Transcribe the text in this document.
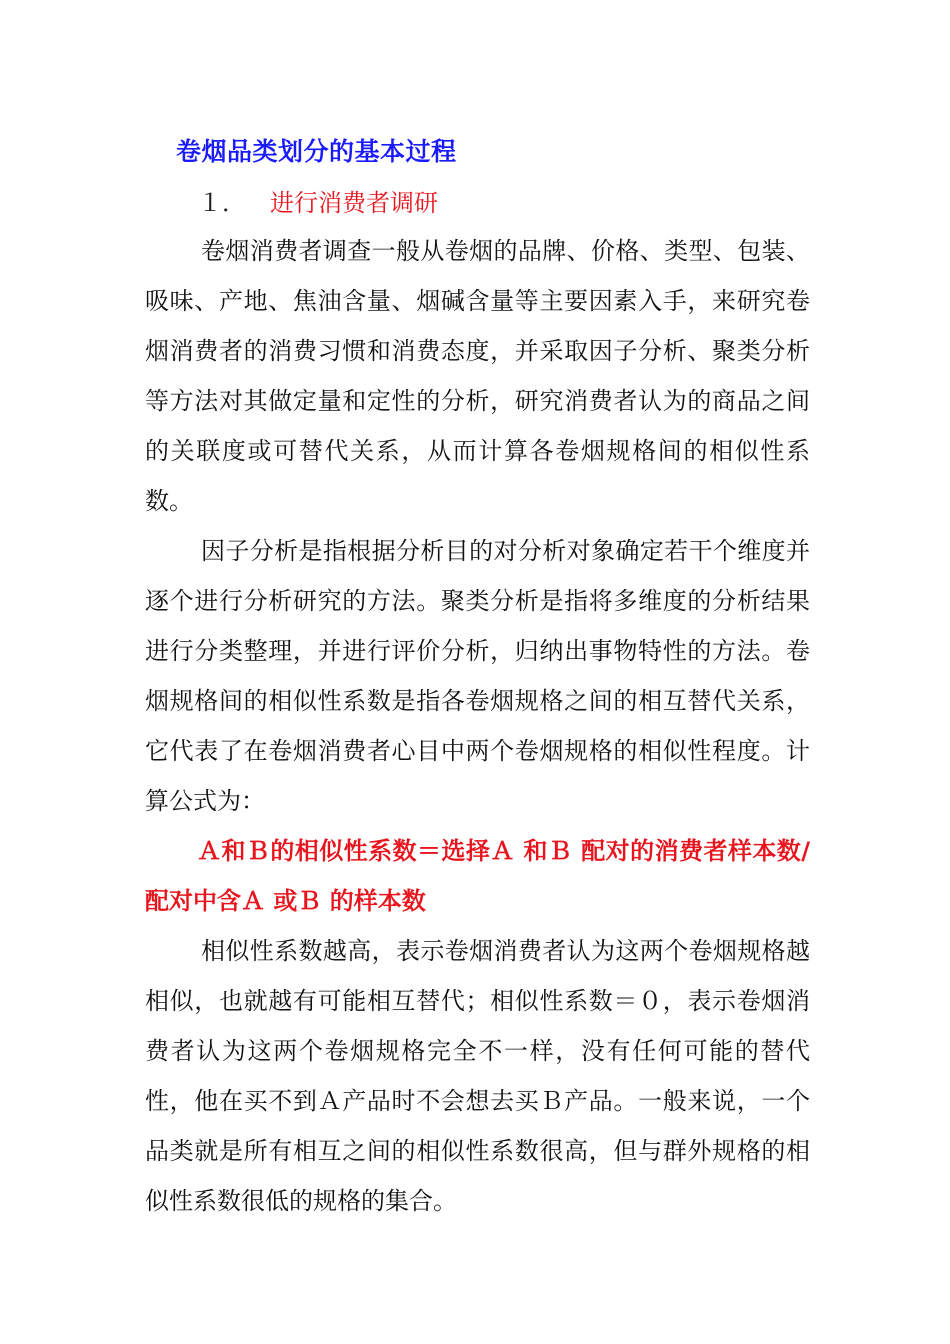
卷烟品类划分的基本过程
１． 进行消费者调研

卷烟消费者调查一般从卷烟的品牌、价格、类型、包装、吸味、产地、焦油含量、烟碱含量等主要因素入手，来研究卷烟消费者的消费习惯和消费态度，并采取因子分析、聚类分析等方法对其做定量和定性的分析，研究消费者认为的商品之间的关联度或可替代关系，从而计算各卷烟规格间的相似性系数。

因子分析是指根据分析目的对分析对象确定若干个维度并逐个进行分析研究的方法。聚类分析是指将多维度的分析结果进行分类整理，并进行评价分析，归纳出事物特性的方法。卷烟规格间的相似性系数是指各卷烟规格之间的相互替代关系，它代表了在卷烟消费者心目中两个卷烟规格的相似性程度。计算公式为：

Ａ和Ｂ的相似性系数＝选择Ａ 和Ｂ 配对的消费者样本数/配对中含Ａ 或Ｂ 的样本数

相似性系数越高，表示卷烟消费者认为这两个卷烟规格越相似，也就越有可能相互替代；相似性系数＝０，表示卷烟消费者认为这两个卷烟规格完全不一样，没有任何可能的替代性，他在买不到Ａ产品时不会想去买Ｂ产品。一般来说，一个品类就是所有相互之间的相似性系数很高，但与群外规格的相似性系数很低的规格的集合。
